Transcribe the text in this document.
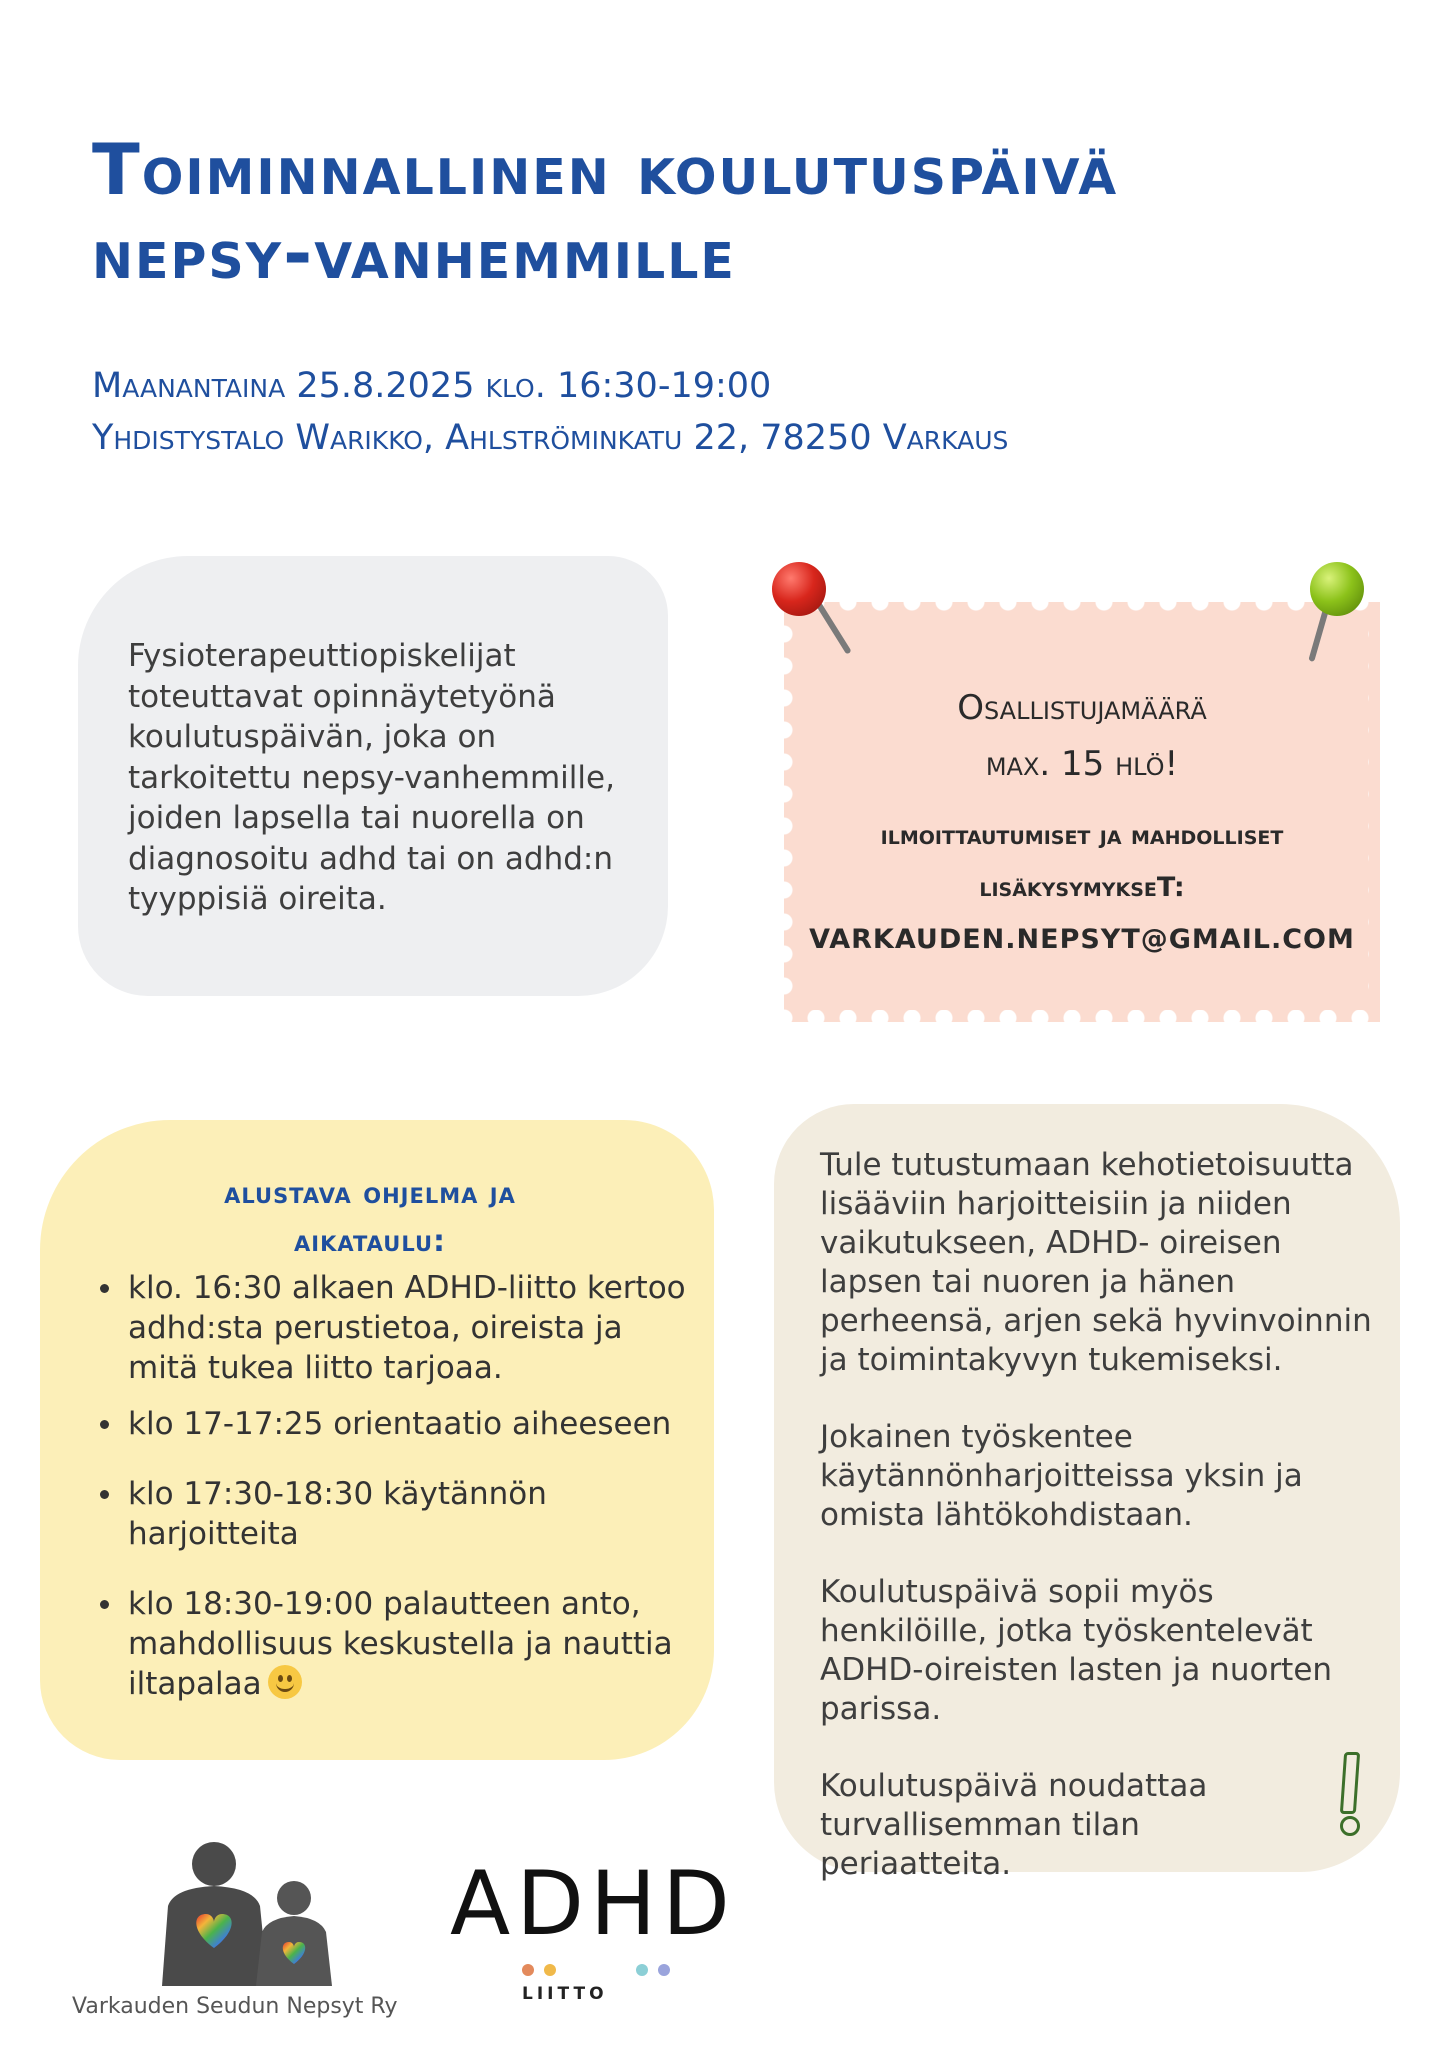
Toiminnallinen koulutuspäivä
nepsy-vanhemmille
Maanantaina 25.8.2025 klo. 16:30-19:00
Yhdistystalo Warikko, Ahlströminkatu 22, 78250 Varkaus
Fysioterapeuttiopiskelijat toteuttavat opinnäytetyönä koulutuspäivän, joka on tarkoitettu nepsy-vanhemmille, joiden lapsella tai nuorella on diagnosoitu adhd tai on adhd:n tyyppisiä oireita.
Osallistujamäärä
max. 15 hlö!
ilmoittautumiset ja mahdolliset
lisäkysymykseT:
VARKAUDEN.NEPSYT@GMAIL.COM
alustava ohjelma ja
aikataulu:
klo. 16:30 alkaen ADHD-liitto kertoo adhd:sta perustietoa, oireista ja mitä tukea liitto tarjoaa.
klo 17-17:25 orientaatio aiheeseen
klo 17:30-18:30 käytännön harjoitteita
klo 18:30-19:00 palautteen anto, mahdollisuus keskustella ja nauttia iltapalaa

Tule tutustumaan kehotietoisuutta lisääviin harjoitteisiin ja niiden vaikutukseen, ADHD- oireisen lapsen tai nuoren ja hänen perheensä, arjen sekä hyvinvoinnin ja toimintakyvyn tukemiseksi.

Jokainen työskentee käytännönharjoitteissa yksin ja omista lähtökohdistaan.

Koulutuspäivä sopii myös henkilöille, jotka työskentelevät ADHD-oireisten lasten ja nuorten parissa.

Koulutuspäivä noudattaa turvallisemman tilan periaatteita.

Varkauden Seudun Nepsyt Ry
ADHD
LIITTO
